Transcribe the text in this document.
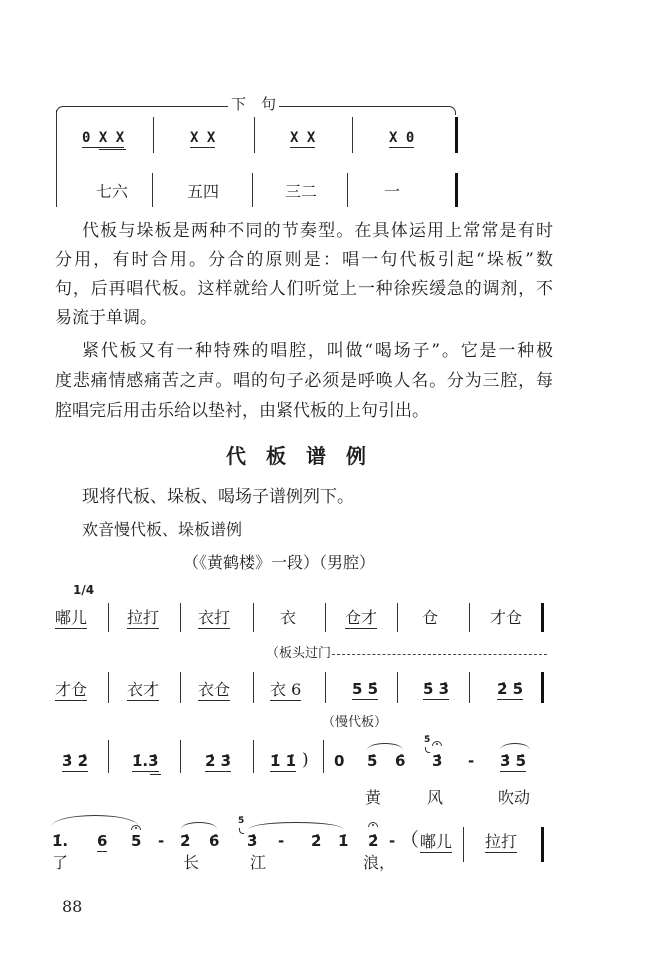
下　句
0 X X	X X	X X	X 0
七六	五四	三二	一
代板与垛板是两种不同的节奏型。在具体运用上常常是有时
分用，有时合用。分合的原则是：唱一句代板引起“垛板”数
句，后再唱代板。这样就给人们听觉上一种徐疾缓急的调剂，不
易流于单调。
紧代板又有一种特殊的唱腔，叫做“喝场子”。它是一种极
度悲痛情感痛苦之声。唱的句子必须是呼唤人名。分为三腔，每
腔唱完后用击乐给以垫衬，由紧代板的上句引出。
代　板　谱　例
现将代板、垛板、喝场子谱例列下。
欢音慢代板、垛板谱例
（《黄鹤楼》一段）（男腔）
1/4
嘟儿 拉打 衣打	衣	仓才	仓	才仓
（板头过门
才仓 衣才 衣仓 衣 6	5 5̇	5̇ 3̇	2̇ 5̇
（慢代板）
3̇ 2̇	1̇.3̇	2̇ 3̇	1̇ 1̇ ) 0 5̇ 6̇
5̇
3̇ - 3̇ 5̇
黄	风	吹动
1̇. 6 5 - 2̇ 6̇
5̇
3̇ - 2̇ 1̇ 2̇ - （ 嘟儿 拉打
了	长	江	浪，
88
